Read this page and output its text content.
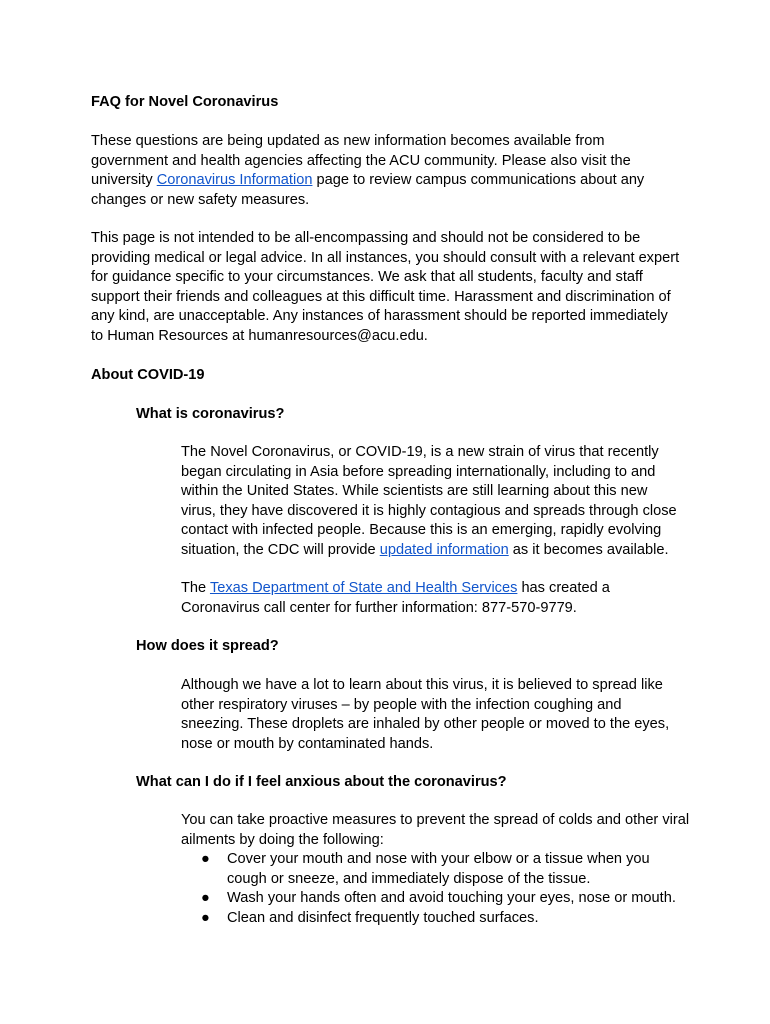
FAQ for Novel Coronavirus

These questions are being updated as new information becomes available from government and health agencies affecting the ACU community. Please also visit the university Coronavirus Information page to review campus communications about any changes or new safety measures.

This page is not intended to be all-encompassing and should not be considered to be providing medical or legal advice. In all instances, you should consult with a relevant expert for guidance specific to your circumstances. We ask that all students, faculty and staff support their friends and colleagues at this difficult time. Harassment and discrimination of any kind, are unacceptable. Any instances of harassment should be reported immediately to Human Resources at humanresources@acu.edu.

About COVID-19

What is coronavirus?

The Novel Coronavirus, or COVID-19, is a new strain of virus that recently began circulating in Asia before spreading internationally, including to and within the United States. While scientists are still learning about this new virus, they have discovered it is highly contagious and spreads through close contact with infected people. Because this is an emerging, rapidly evolving situation, the CDC will provide updated information as it becomes available.

The Texas Department of State and Health Services has created a Coronavirus call center for further information: 877-570-9779.

How does it spread?

Although we have a lot to learn about this virus, it is believed to spread like other respiratory viruses – by people with the infection coughing and sneezing. These droplets are inhaled by other people or moved to the eyes, nose or mouth by contaminated hands.

What can I do if I feel anxious about the coronavirus?

You can take proactive measures to prevent the spread of colds and other viral ailments by doing the following:

● Cover your mouth and nose with your elbow or a tissue when you cough or sneeze, and immediately dispose of the tissue.
● Wash your hands often and avoid touching your eyes, nose or mouth.
● Clean and disinfect frequently touched surfaces.
